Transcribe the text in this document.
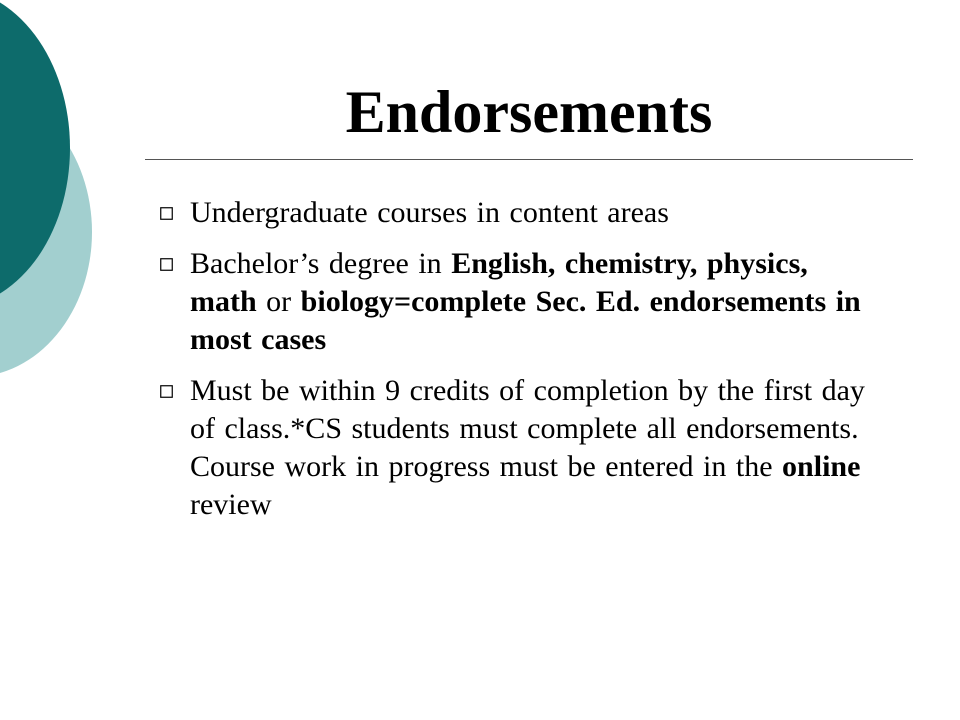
Endorsements
Undergraduate courses in content areas
Bachelor’s degree in English, chemistry, physics, math or biology=complete Sec. Ed. endorsements in most cases
Must be within 9 credits of completion by the first day of class.*CS students must complete all endorsements. Course work in progress must be entered in the online review
